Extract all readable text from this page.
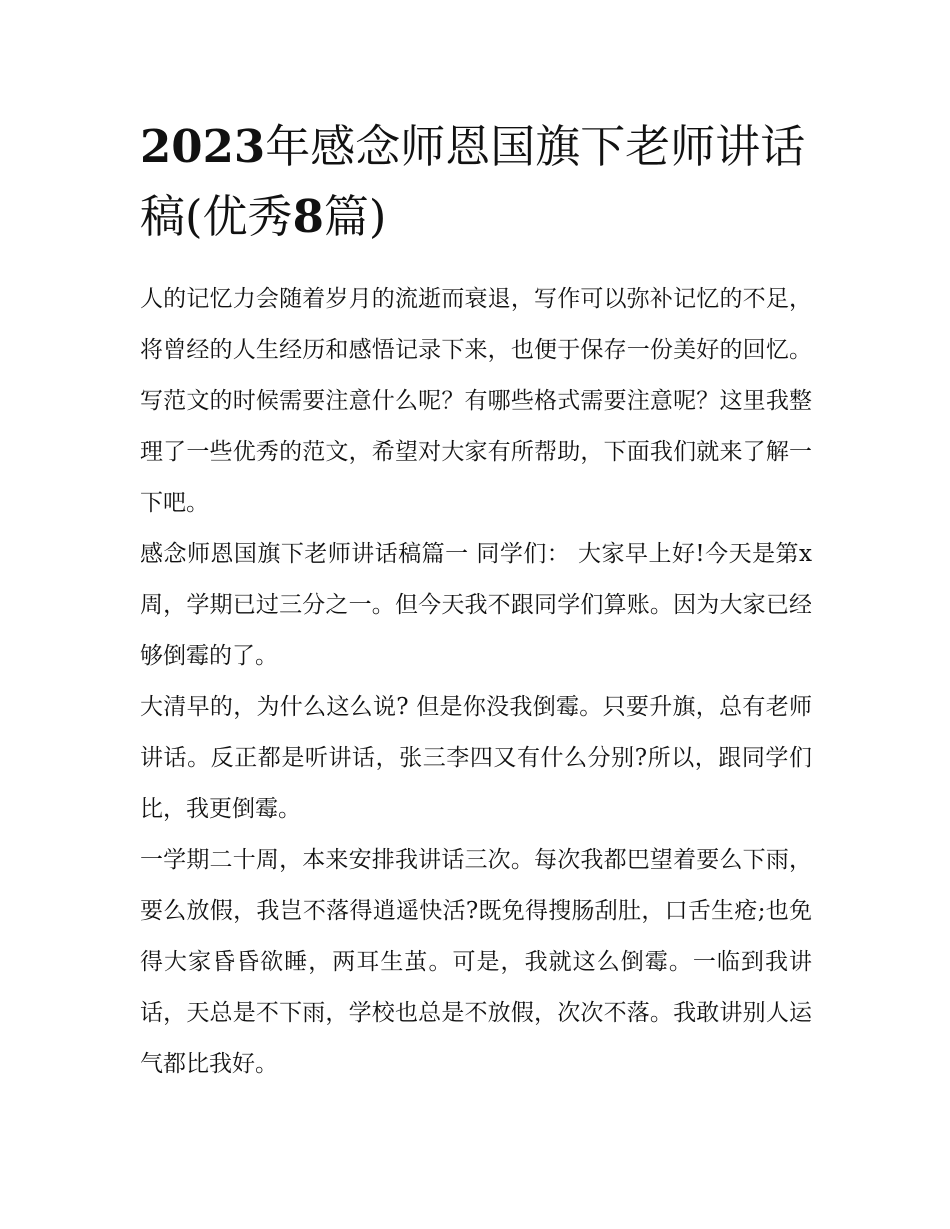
2023年感念师恩国旗下老师讲话稿(优秀8篇)

人的记忆力会随着岁月的流逝而衰退，写作可以弥补记忆的不足，将曾经的人生经历和感悟记录下来，也便于保存一份美好的回忆。写范文的时候需要注意什么呢？有哪些格式需要注意呢？这里我整理了一些优秀的范文，希望对大家有所帮助，下面我们就来了解一下吧。

感念师恩国旗下老师讲话稿篇一 同学们： 大家早上好!今天是第x周，学期已过三分之一。但今天我不跟同学们算账。因为大家已经够倒霉的了。

大清早的，为什么这么说? 但是你没我倒霉。只要升旗，总有老师讲话。反正都是听讲话，张三李四又有什么分别?所以，跟同学们比，我更倒霉。

一学期二十周，本来安排我讲话三次。每次我都巴望着要么下雨，要么放假，我岂不落得逍遥快活?既免得搜肠刮肚，口舌生疮;也免得大家昏昏欲睡，两耳生茧。可是，我就这么倒霉。一临到我讲话，天总是不下雨，学校也总是不放假，次次不落。我敢讲别人运气都比我好。
